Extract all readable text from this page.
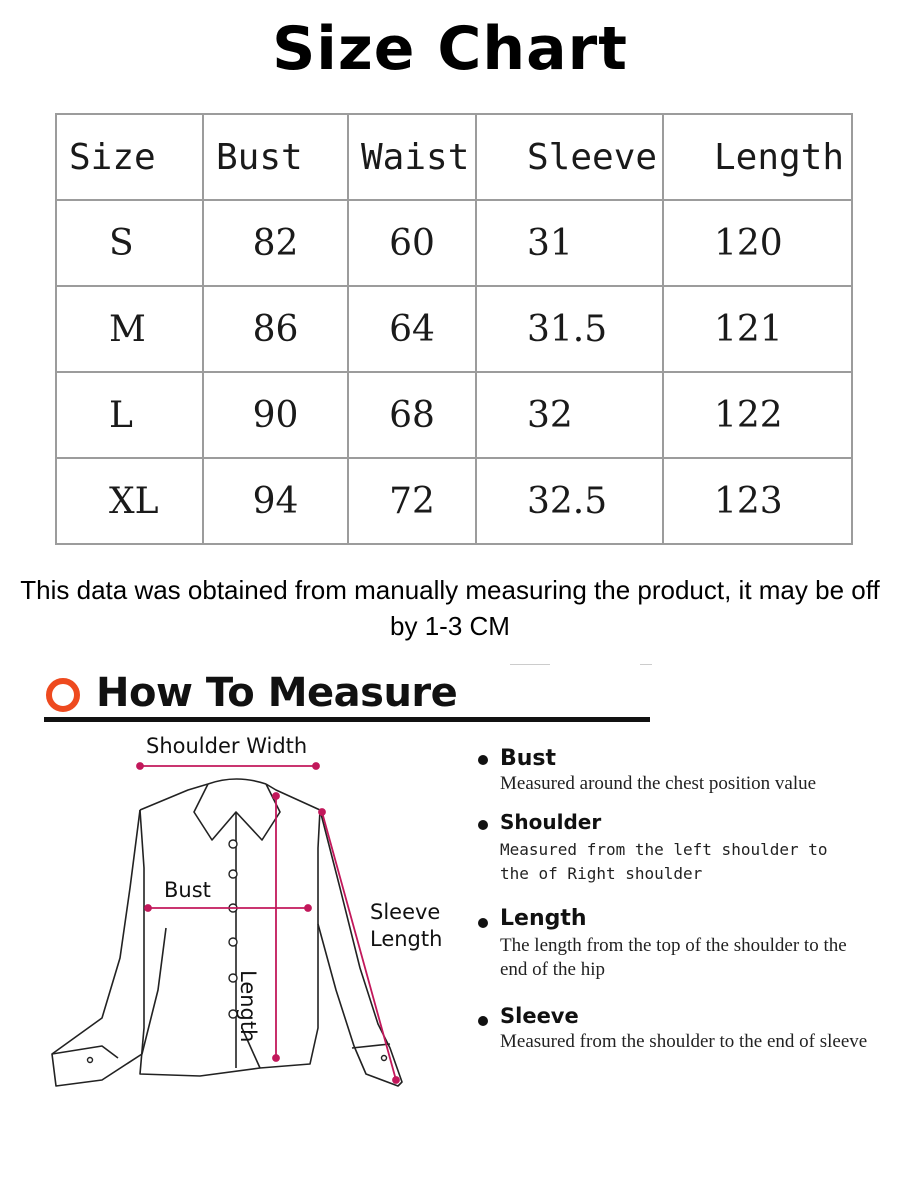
Size Chart
Size	Bust	Waist	Sleeve	Length
S	82	60	31	120
M	86	64	31.5	121
L	90	68	32	122
XL	94	72	32.5	123
This data was obtained from manually measuring the product, it may be off by 1-3 CM
How To Measure
Shoulder Width
Bust
Sleeve
Length
Length
Bust
Measured around the chest position value
Shoulder
Measured from the left shoulder to the of Right shoulder
Length
The length from the top of the shoulder to the end of the hip
Sleeve
Measured from the shoulder to the end of sleeve
